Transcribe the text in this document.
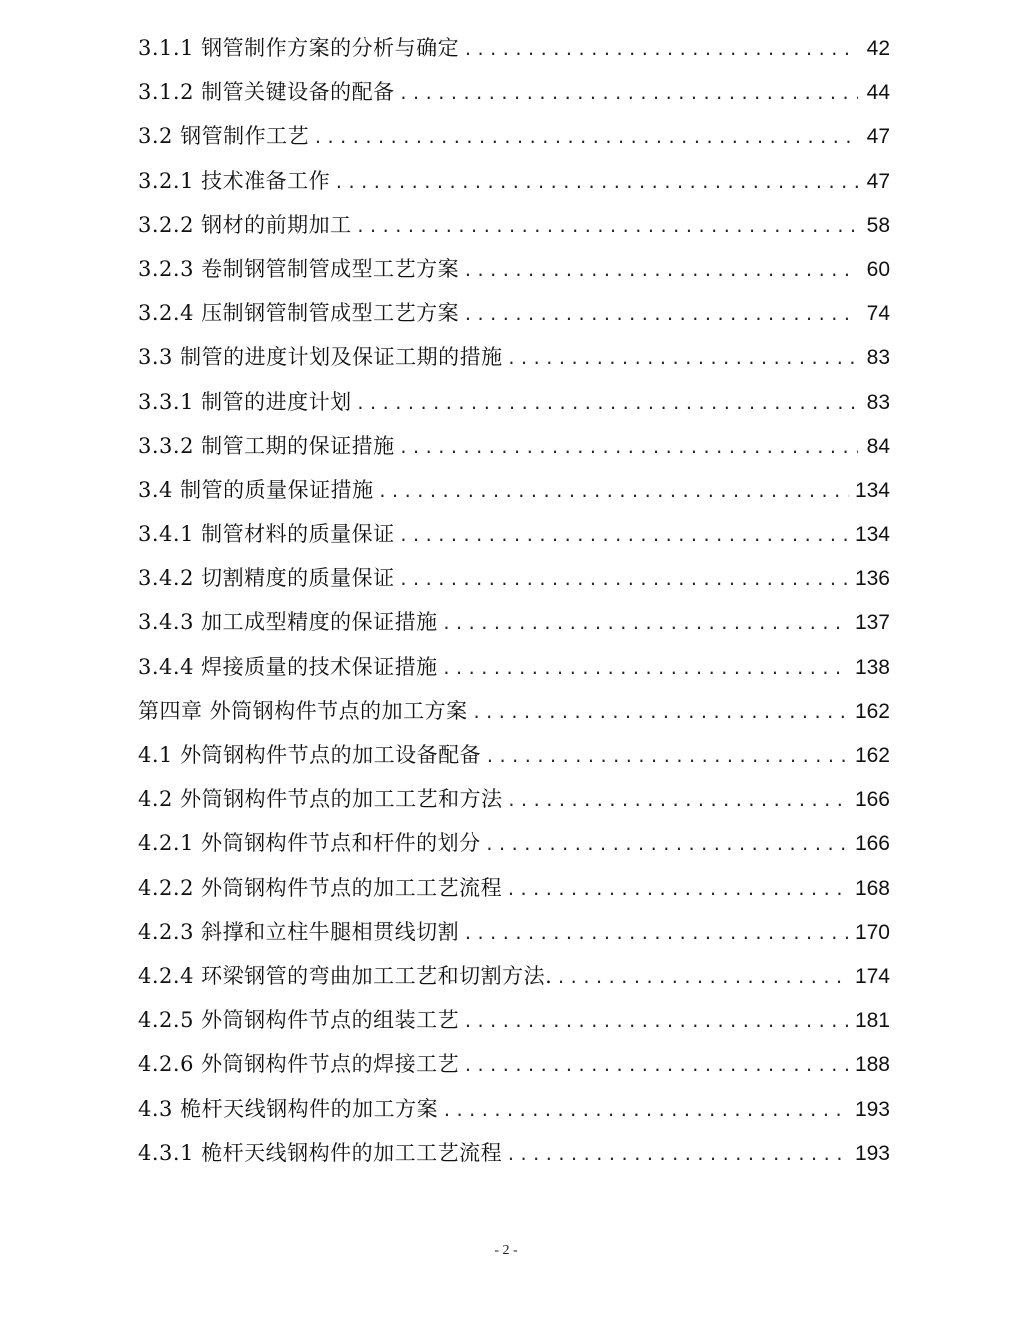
3.1.1 钢管制作方案的分析与确定 .....	42
3.1.2 制管关键设备的配备 .....	44
3.2 钢管制作工艺 .....	47
3.2.1 技术准备工作 .....	47
3.2.2 钢材的前期加工 .....	58
3.2.3 卷制钢管制管成型工艺方案 .....	60
3.2.4 压制钢管制管成型工艺方案 .....	74
3.3 制管的进度计划及保证工期的措施 .....	83
3.3.1 制管的进度计划 .....	83
3.3.2 制管工期的保证措施 .....	84
3.4 制管的质量保证措施 .....	134
3.4.1 制管材料的质量保证 .....	134
3.4.2 切割精度的质量保证 .....	136
3.4.3 加工成型精度的保证措施 .....	137
3.4.4 焊接质量的技术保证措施 .....	138
第四章 外筒钢构件节点的加工方案 .....	162
4.1 外筒钢构件节点的加工设备配备 .....	162
4.2 外筒钢构件节点的加工工艺和方法 .....	166
4.2.1 外筒钢构件节点和杆件的划分 .....	166
4.2.2 外筒钢构件节点的加工工艺流程 .....	168
4.2.3 斜撑和立柱牛腿相贯线切割 .....	170
4.2.4 环梁钢管的弯曲加工工艺和切割方法. .....	174
4.2.5 外筒钢构件节点的组装工艺 .....	181
4.2.6 外筒钢构件节点的焊接工艺 .....	188
4.3 桅杆天线钢构件的加工方案 .....	193
4.3.1 桅杆天线钢构件的加工工艺流程 .....	193
- 2 -
